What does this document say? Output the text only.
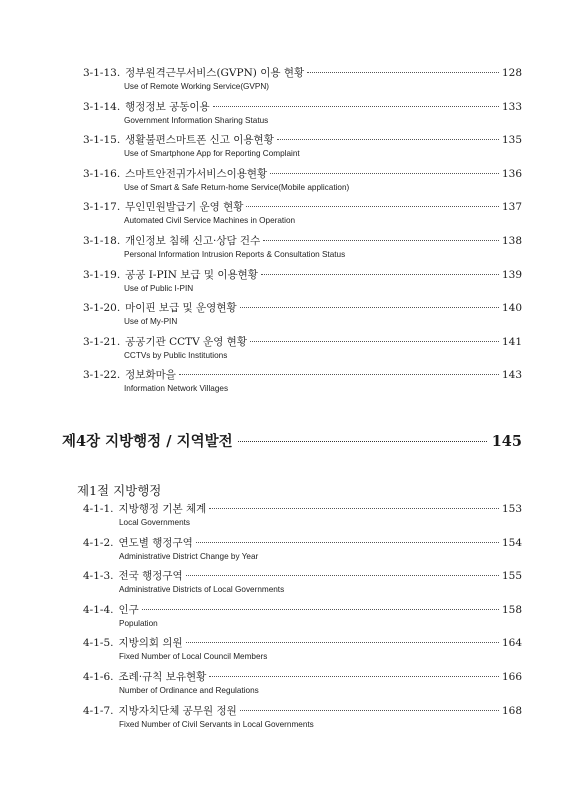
3-1-13. 정부원격근무서비스(GVPN) 이용 현황	128
Use of Remote Working Service(GVPN)
3-1-14. 행정정보 공동이용	133
Government Information Sharing Status
3-1-15. 생활불편스마트폰 신고 이용현황	135
Use of Smartphone App for Reporting Complaint
3-1-16. 스마트안전귀가서비스이용현황	136
Use of Smart & Safe Return-home Service(Mobile application)
3-1-17. 무인민원발급기 운영 현황	137
Automated Civil Service Machines in Operation
3-1-18. 개인정보 침해 신고·상담 건수	138
Personal Information Intrusion Reports & Consultation Status
3-1-19. 공공 I-PIN 보급 및 이용현황	139
Use of Public I-PIN
3-1-20. 마이핀 보급 및 운영현황	140
Use of My-PIN
3-1-21. 공공기관 CCTV 운영 현황	141
CCTVs by Public Institutions
3-1-22. 정보화마을	143
Information Network Villages
제4장 지방행정 / 지역발전	145
제1절 지방행정
4-1-1. 지방행정 기본 체계	153
Local Governments
4-1-2. 연도별 행정구역	154
Administrative District Change by Year
4-1-3. 전국 행정구역	155
Administrative Districts of Local Governments
4-1-4. 인구	158
Population
4-1-5. 지방의회 의원	164
Fixed Number of Local Council Members
4-1-6. 조례·규칙 보유현황	166
Number of Ordinance and Regulations
4-1-7. 지방자치단체 공무원 정원	168
Fixed Number of Civil Servants in Local Governments
